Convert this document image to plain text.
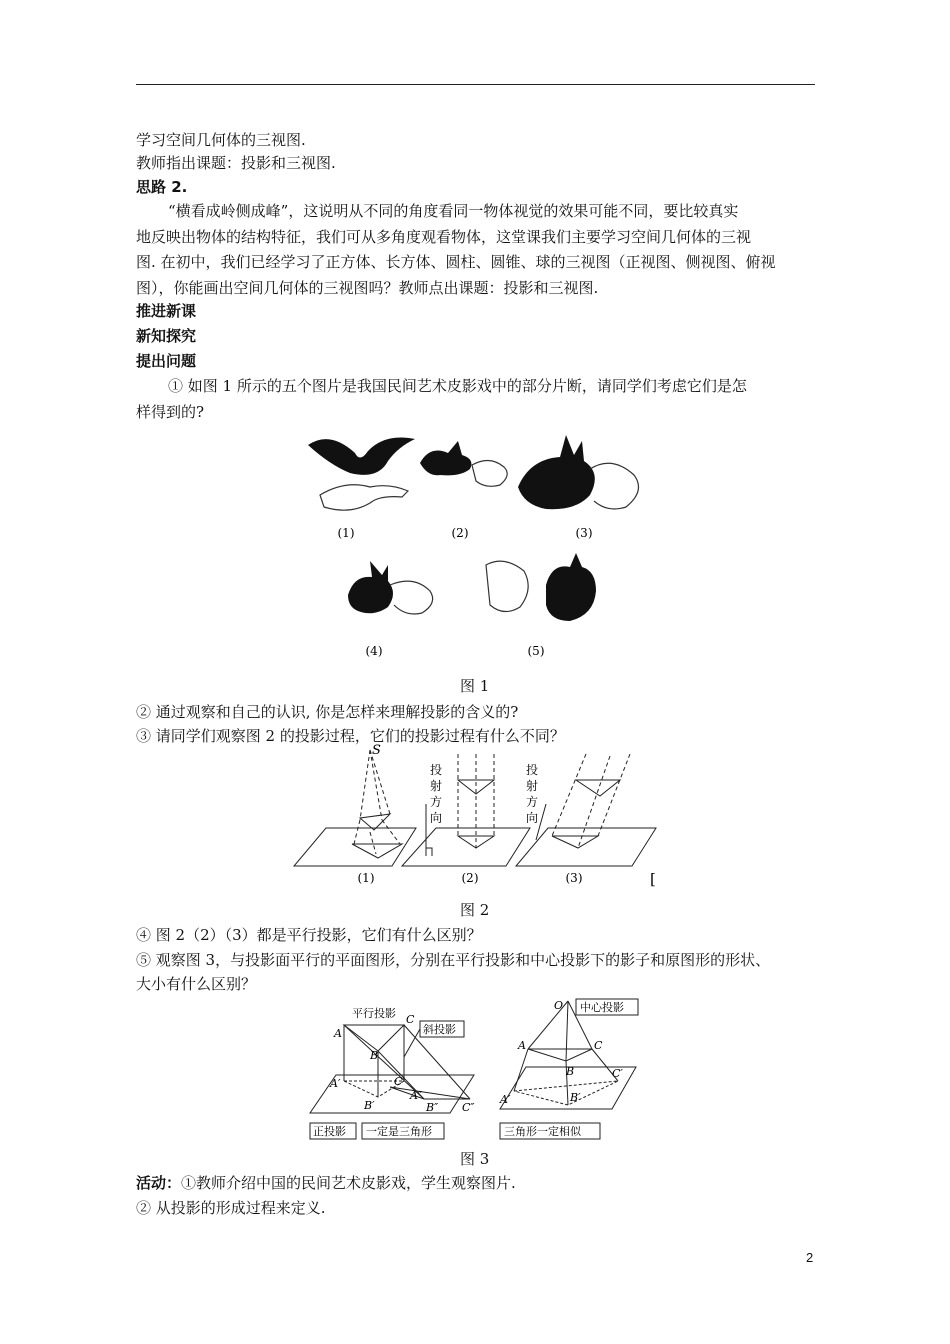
学习空间几何体的三视图.
教师指出课题：投影和三视图.
思路 2.
“横看成岭侧成峰”，这说明从不同的角度看同一物体视觉的效果可能不同，要比较真实
地反映出物体的结构特征，我们可从多角度观看物体，这堂课我们主要学习空间几何体的三视
图. 在初中，我们已经学习了正方体、长方体、圆柱、圆锥、球的三视图（正视图、侧视图、俯视
图），你能画出空间几何体的三视图吗？教师点出课题：投影和三视图.
推进新课
新知探究
提出问题
① 如图 1 所示的五个图片是我国民间艺术皮影戏中的部分片断，请同学们考虑它们是怎
样得到的?
(1)	(2)	(3)
(4)	(5)
图 1
② 通过观察和自己的认识, 你是怎样来理解投影的含义的?
③ 请同学们观察图 2 的投影过程，它们的投影过程有什么不同？
S
投
射
方
向
投
射
方
向
(1)	(2)	(3)	[
图 2
④ 图 2（2）（3）都是平行投影，它们有什么区别？
⑤ 观察图 3，与投影面平行的平面图形，分别在平行投影和中心投影下的影子和原图形的形状、
大小有什么区别？
平行投影
斜投影
正投影 一定是三角形
中心投影
三角形一定相似
A
B
C
A′
B′
C′
B″ C″
A″
O
A
B
C
A′	B′
C′
图 3
活动：①教师介绍中国的民间艺术皮影戏，学生观察图片.
② 从投影的形成过程来定义.
2
